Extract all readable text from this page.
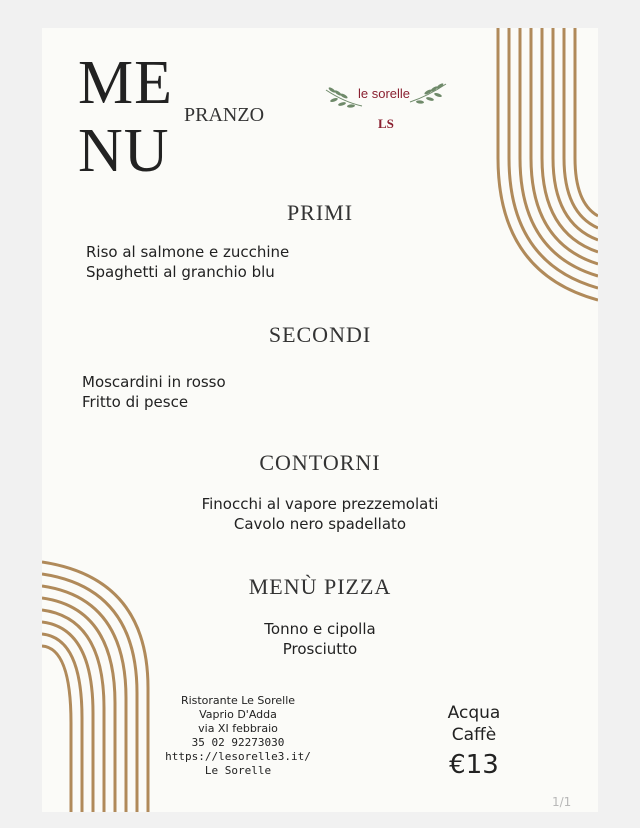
ME
NU
PRANZO
le sorelle
LS
PRIMI
Riso al salmone e zucchine
Spaghetti al granchio blu
SECONDI
Moscardini in rosso
Fritto di pesce
CONTORNI
Finocchi al vapore prezzemolati
Cavolo nero spadellato
MENÙ PIZZA
Tonno e cipolla
Prosciutto
Ristorante Le Sorelle
Vaprio D'Adda
via XI febbraio
35 02 92273030
https://lesorelle3.it/
Le Sorelle
Acqua
Caffè
€13
1/1
